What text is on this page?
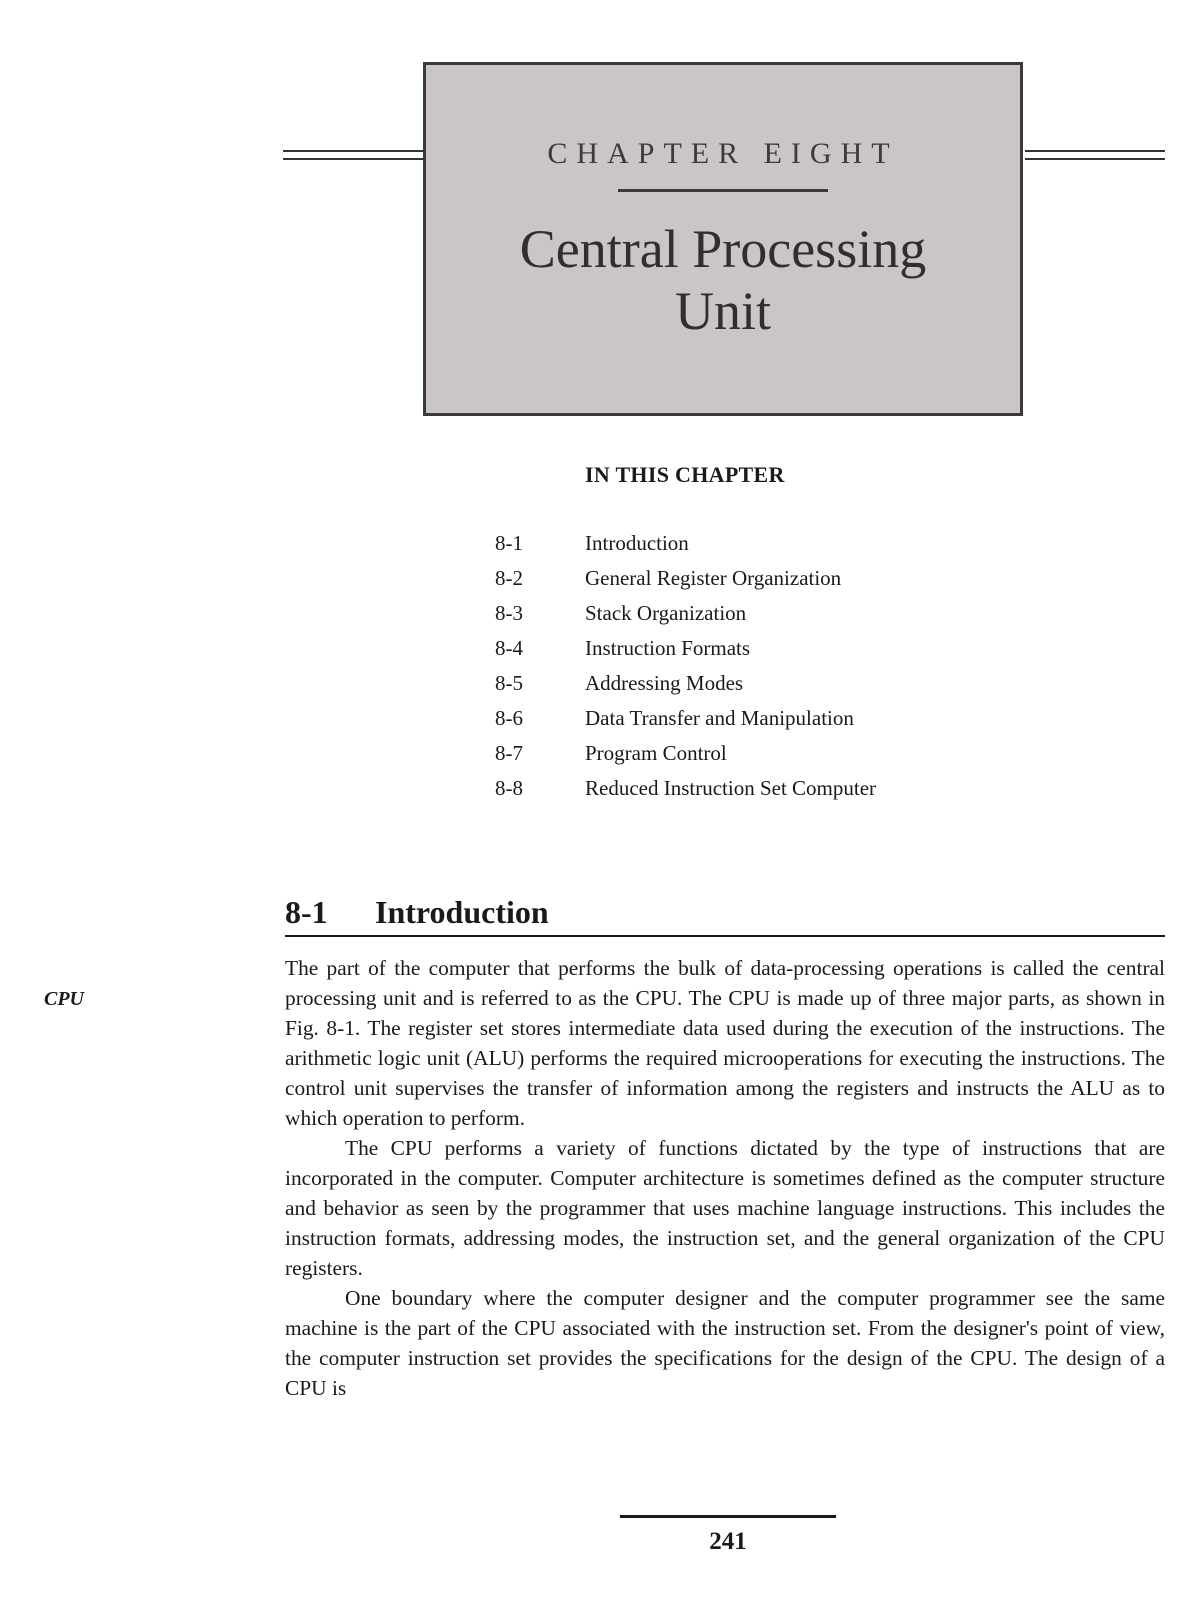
CHAPTER EIGHT
Central Processing Unit
IN THIS CHAPTER
8-1	Introduction
8-2	General Register Organization
8-3	Stack Organization
8-4	Instruction Formats
8-5	Addressing Modes
8-6	Data Transfer and Manipulation
8-7	Program Control
8-8	Reduced Instruction Set Computer
8-1 Introduction
CPU

The part of the computer that performs the bulk of data-processing operations is called the central processing unit and is referred to as the CPU. The CPU is made up of three major parts, as shown in Fig. 8-1. The register set stores intermediate data used during the execution of the instructions. The arithmetic logic unit (ALU) performs the required microoperations for executing the instructions. The control unit supervises the transfer of information among the registers and instructs the ALU as to which operation to perform.

The CPU performs a variety of functions dictated by the type of instructions that are incorporated in the computer. Computer architecture is sometimes defined as the computer structure and behavior as seen by the programmer that uses machine language instructions. This includes the instruction formats, addressing modes, the instruction set, and the general organization of the CPU registers.

One boundary where the computer designer and the computer programmer see the same machine is the part of the CPU associated with the instruction set. From the designer's point of view, the computer instruction set provides the specifications for the design of the CPU. The design of a CPU is

241
